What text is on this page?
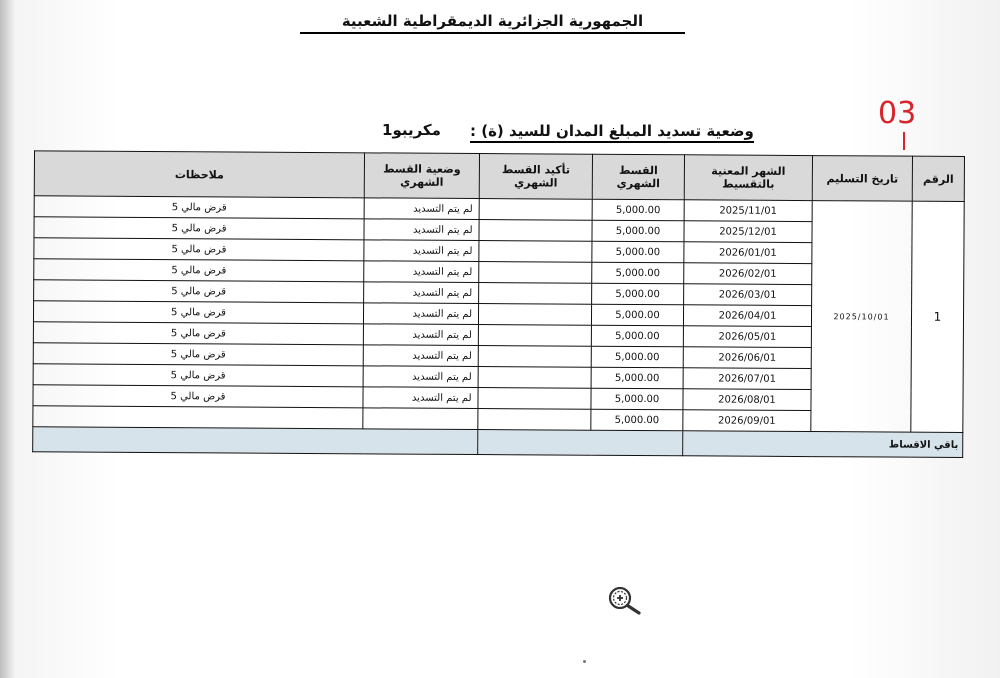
الجمهورية الجزائرية الديمقراطية الشعبية
03
وضعية تسديد المبلغ المدان للسيد (ة) :
مكريبو1
الرقم	تاريخ التسليم	الشهر المعنية بالتقسيط	القسط الشهري	تأكيد القسط الشهري	وضعية القسط الشهري	ملاحظات
1	2025/10/01	2025/11/01	5,000.00		لم يتم التسديد	قرض مالي 5
		2025/12/01	5,000.00		لم يتم التسديد	قرض مالي 5
		2026/01/01	5,000.00		لم يتم التسديد	قرض مالي 5
		2026/02/01	5,000.00		لم يتم التسديد	قرض مالي 5
		2026/03/01	5,000.00		لم يتم التسديد	قرض مالي 5
		2026/04/01	5,000.00		لم يتم التسديد	قرض مالي 5
		2026/05/01	5,000.00		لم يتم التسديد	قرض مالي 5
		2026/06/01	5,000.00		لم يتم التسديد	قرض مالي 5
		2026/07/01	5,000.00		لم يتم التسديد	قرض مالي 5
		2026/08/01	5,000.00		لم يتم التسديد	قرض مالي 5
		2026/09/01	5,000.00			
باقي الاقساط						
